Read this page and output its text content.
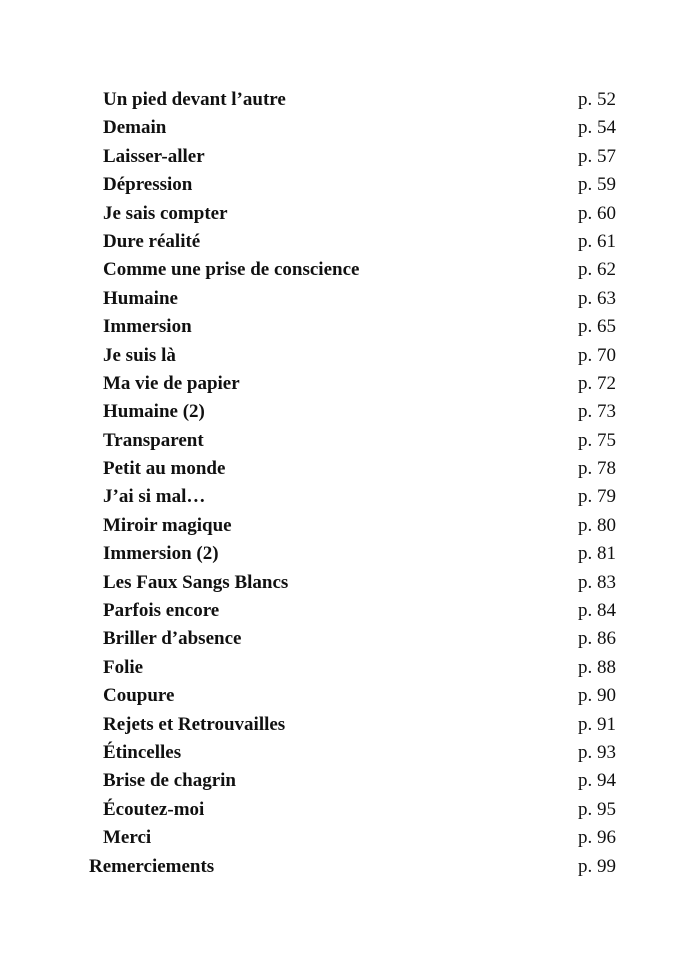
Un pied devant l’autre	p. 52
Demain	p. 54
Laisser-aller	p. 57
Dépression	p. 59
Je sais compter	p. 60
Dure réalité	p. 61
Comme une prise de conscience	p. 62
Humaine	p. 63
Immersion	p. 65
Je suis là	p. 70
Ma vie de papier	p. 72
Humaine (2)	p. 73
Transparent	p. 75
Petit au monde	p. 78
J’ai si mal…	p. 79
Miroir magique	p. 80
Immersion (2)	p. 81
Les Faux Sangs Blancs	p. 83
Parfois encore	p. 84
Briller d’absence	p. 86
Folie	p. 88
Coupure	p. 90
Rejets et Retrouvailles	p. 91
Étincelles	p. 93
Brise de chagrin	p. 94
Écoutez-moi	p. 95
Merci	p. 96
Remerciements	p. 99
